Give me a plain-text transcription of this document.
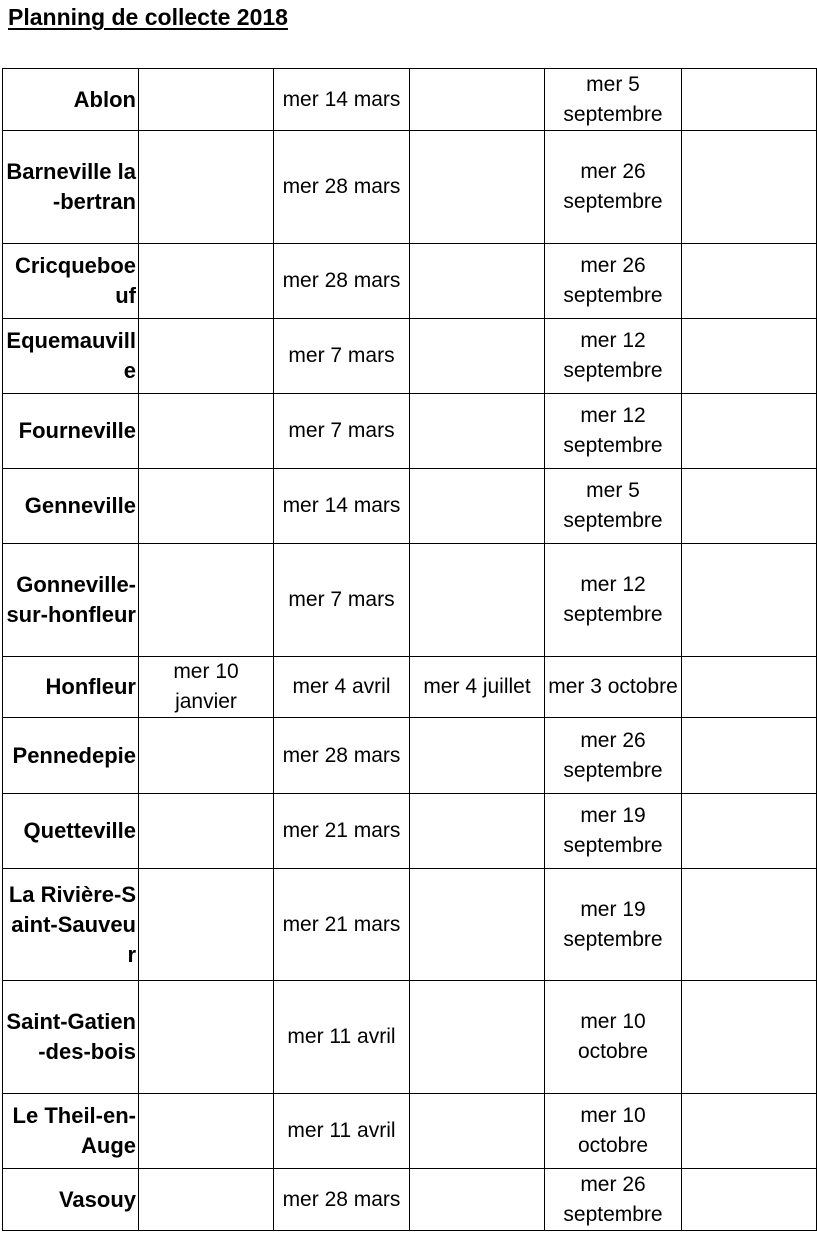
Planning de collecte 2018
Ablon		mer 14 mars		mer 5 septembre	
Barneville la-bertran		mer 28 mars		mer 26 septembre	
Cricqueboeuf		mer 28 mars		mer 26 septembre	
Equemauville		mer 7 mars		mer 12 septembre	
Fourneville		mer 7 mars		mer 12 septembre	
Genneville		mer 14 mars		mer 5 septembre	
Gonneville-sur-honfleur		mer 7 mars		mer 12 septembre	
Honfleur	mer 10 janvier	mer 4 avril	mer 4 juillet	mer 3 octobre	
Pennedepie		mer 28 mars		mer 26 septembre	
Quetteville		mer 21 mars		mer 19 septembre	
La Rivière-Saint-Sauveur		mer 21 mars		mer 19 septembre	
Saint-Gatien-des-bois		mer 11 avril		mer 10 octobre	
Le Theil-en-Auge		mer 11 avril		mer 10 octobre	
Vasouy		mer 28 mars		mer 26 septembre	
